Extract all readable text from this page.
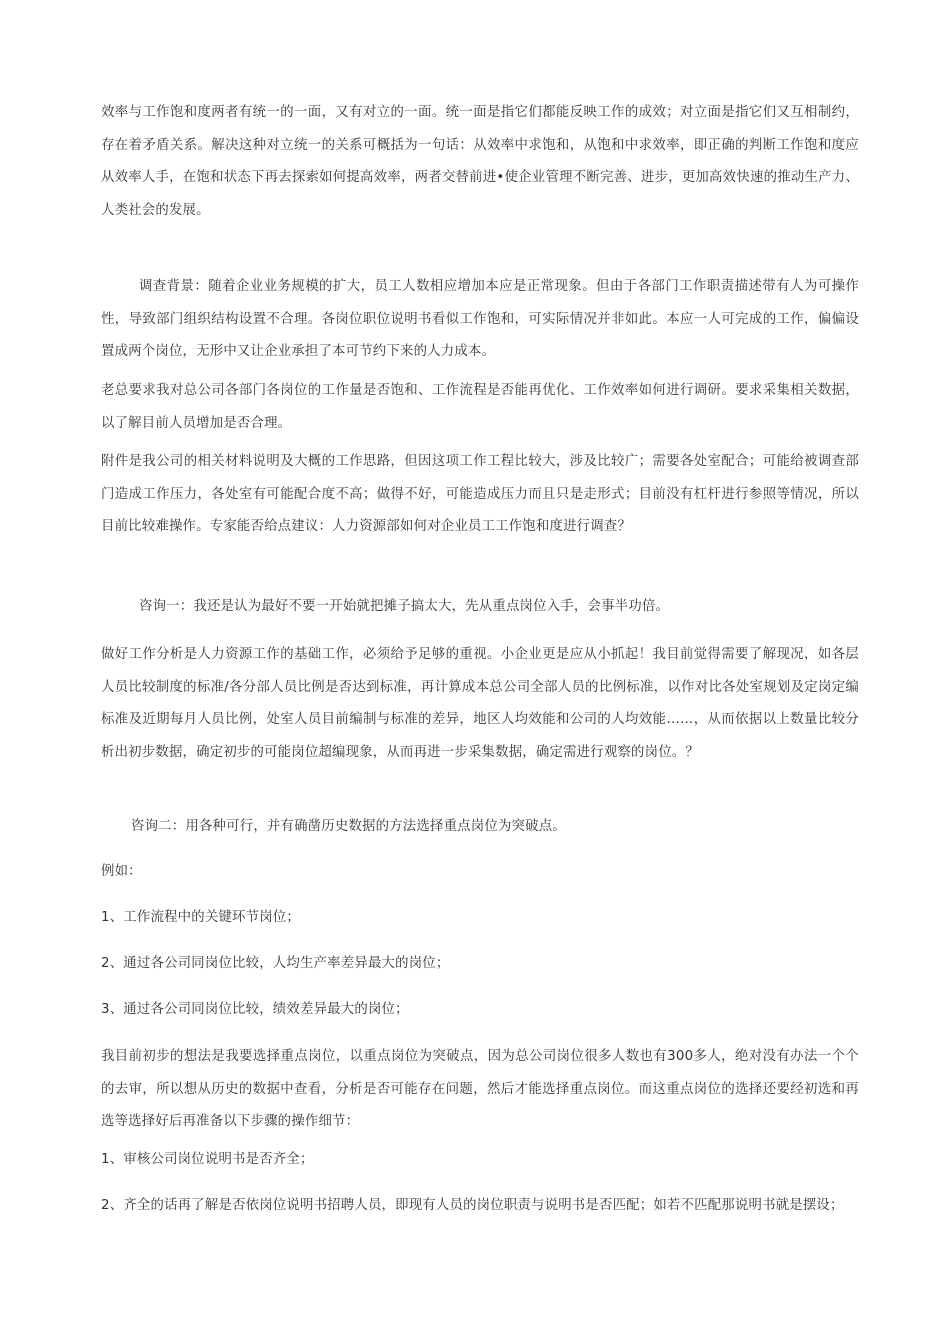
效率与工作饱和度两者有统一的一面，又有对立的一面。统一面是指它们都能反映工作的成效；对立面是指它们又互相制约，存在着矛盾关系。解决这种对立统一的关系可概括为一句话：从效率中求饱和，从饱和中求效率，即正确的判断工作饱和度应从效率人手，在饱和状态下再去探索如何提高效率，两者交替前进•使企业管理不断完善、进步，更加高效快速的推动生产力、人类社会的发展。

调查背景：随着企业业务规模的扩大，员工人数相应增加本应是正常现象。但由于各部门工作职责描述带有人为可操作性，导致部门组织结构设置不合理。各岗位职位说明书看似工作饱和，可实际情况并非如此。本应一人可完成的工作，偏偏设置成两个岗位，无形中又让企业承担了本可节约下来的人力成本。

老总要求我对总公司各部门各岗位的工作量是否饱和、工作流程是否能再优化、工作效率如何进行调研。要求采集相关数据，以了解目前人员增加是否合理。

附件是我公司的相关材料说明及大概的工作思路，但因这项工作工程比较大，涉及比较广；需要各处室配合；可能给被调查部门造成工作压力，各处室有可能配合度不高；做得不好，可能造成压力而且只是走形式；目前没有杠杆进行参照等情况，所以目前比较难操作。专家能否给点建议：人力资源部如何对企业员工工作饱和度进行调查？

咨询一：我还是认为最好不要一开始就把摊子搞太大，先从重点岗位入手，会事半功倍。

做好工作分析是人力资源工作的基础工作，必须给予足够的重视。小企业更是应从小抓起！我目前觉得需要了解现况，如各层人员比较制度的标准/各分部人员比例是否达到标准，再计算成本总公司全部人员的比例标准，以作对比各处室规划及定岗定编标准及近期每月人员比例，处室人员目前编制与标准的差异，地区人均效能和公司的人均效能……，从而依据以上数量比较分析出初步数据，确定初步的可能岗位超编现象，从而再进一步采集数据，确定需进行观察的岗位。？

咨询二：用各种可行，并有确凿历史数据的方法选择重点岗位为突破点。

例如：

1、工作流程中的关键环节岗位；

2、通过各公司同岗位比较，人均生产率差异最大的岗位；

3、通过各公司同岗位比较，绩效差异最大的岗位；

我目前初步的想法是我要选择重点岗位，以重点岗位为突破点，因为总公司岗位很多人数也有300多人，绝对没有办法一个个的去审，所以想从历史的数据中查看，分析是否可能存在问题，然后才能选择重点岗位。而这重点岗位的选择还要经初选和再选等选择好后再准备以下步骤的操作细节：

1、审核公司岗位说明书是否齐全；

2、齐全的话再了解是否依岗位说明书招聘人员，即现有人员的岗位职责与说明书是否匹配；如若不匹配那说明书就是摆设；
